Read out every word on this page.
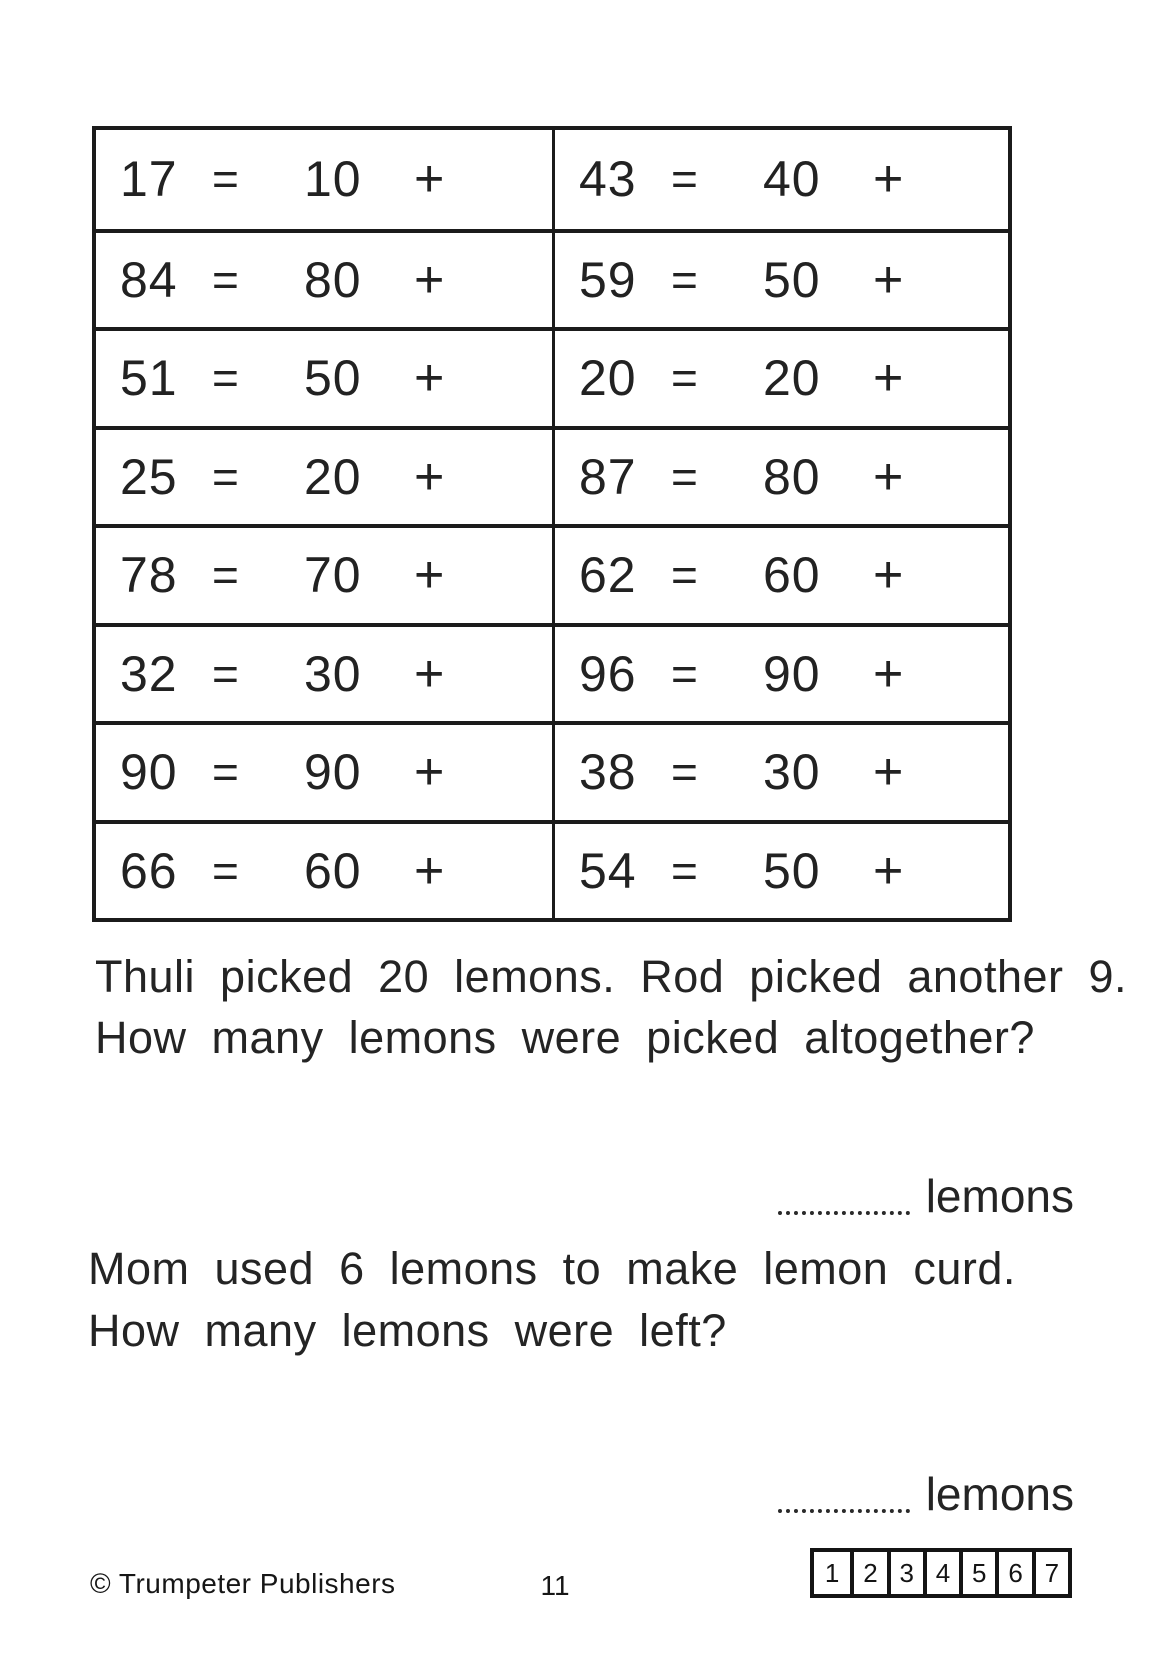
17 =	10	+	43 =	40	+
84 =	80	+	59 =	50	+
51 =	50	+	20 =	20	+
25 =	20	+	87 =	80	+
78 =	70	+	62 =	60	+
32 =	30	+	96 =	90	+
90 =	90	+	38 =	30	+
66 =	60	+	54 =	50	+
Thuli picked 20 lemons. Rod picked another 9.
How many lemons were picked altogether?
lemons
Mom used 6 lemons to make lemon curd.
How many lemons were left?
lemons
© Trumpeter Publishers	11	1 2 3 4 5 6 7
